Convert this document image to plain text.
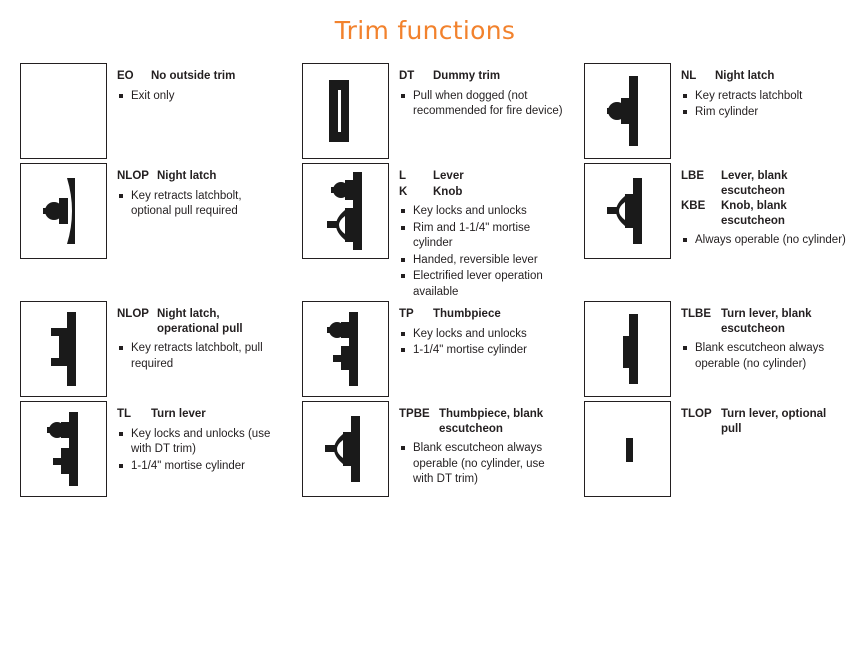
Trim functions
EO	No outside trim
Exit only
DT	Dummy trim
Pull when dogged (not recommended for fire device)
NL	Night latch
Key retracts latchbolt
Rim cylinder
NLOP Night latch
Key retracts latchbolt, optional pull required
L	Lever
K	Knob
Key locks and unlocks
Rim and 1-1/4" mortise cylinder
Handed, reversible lever
Electrified lever operation available
LBE	Lever, blank escutcheon
KBE	Knob, blank escutcheon
Always operable (no cylinder)
NLOP Night latch, operational pull
Key retracts latchbolt, pull required
TP	Thumbpiece
Key locks and unlocks
1-1/4" mortise cylinder
TLBE Turn lever, blank escutcheon
Blank escutcheon always operable (no cylinder)
TL	Turn lever
Key locks and unlocks (use with DT trim)
1-1/4" mortise cylinder
TPBE Thumbpiece, blank escutcheon
Blank escutcheon always operable (no cylinder, use with DT trim)
TLOP Turn lever, optional pull
